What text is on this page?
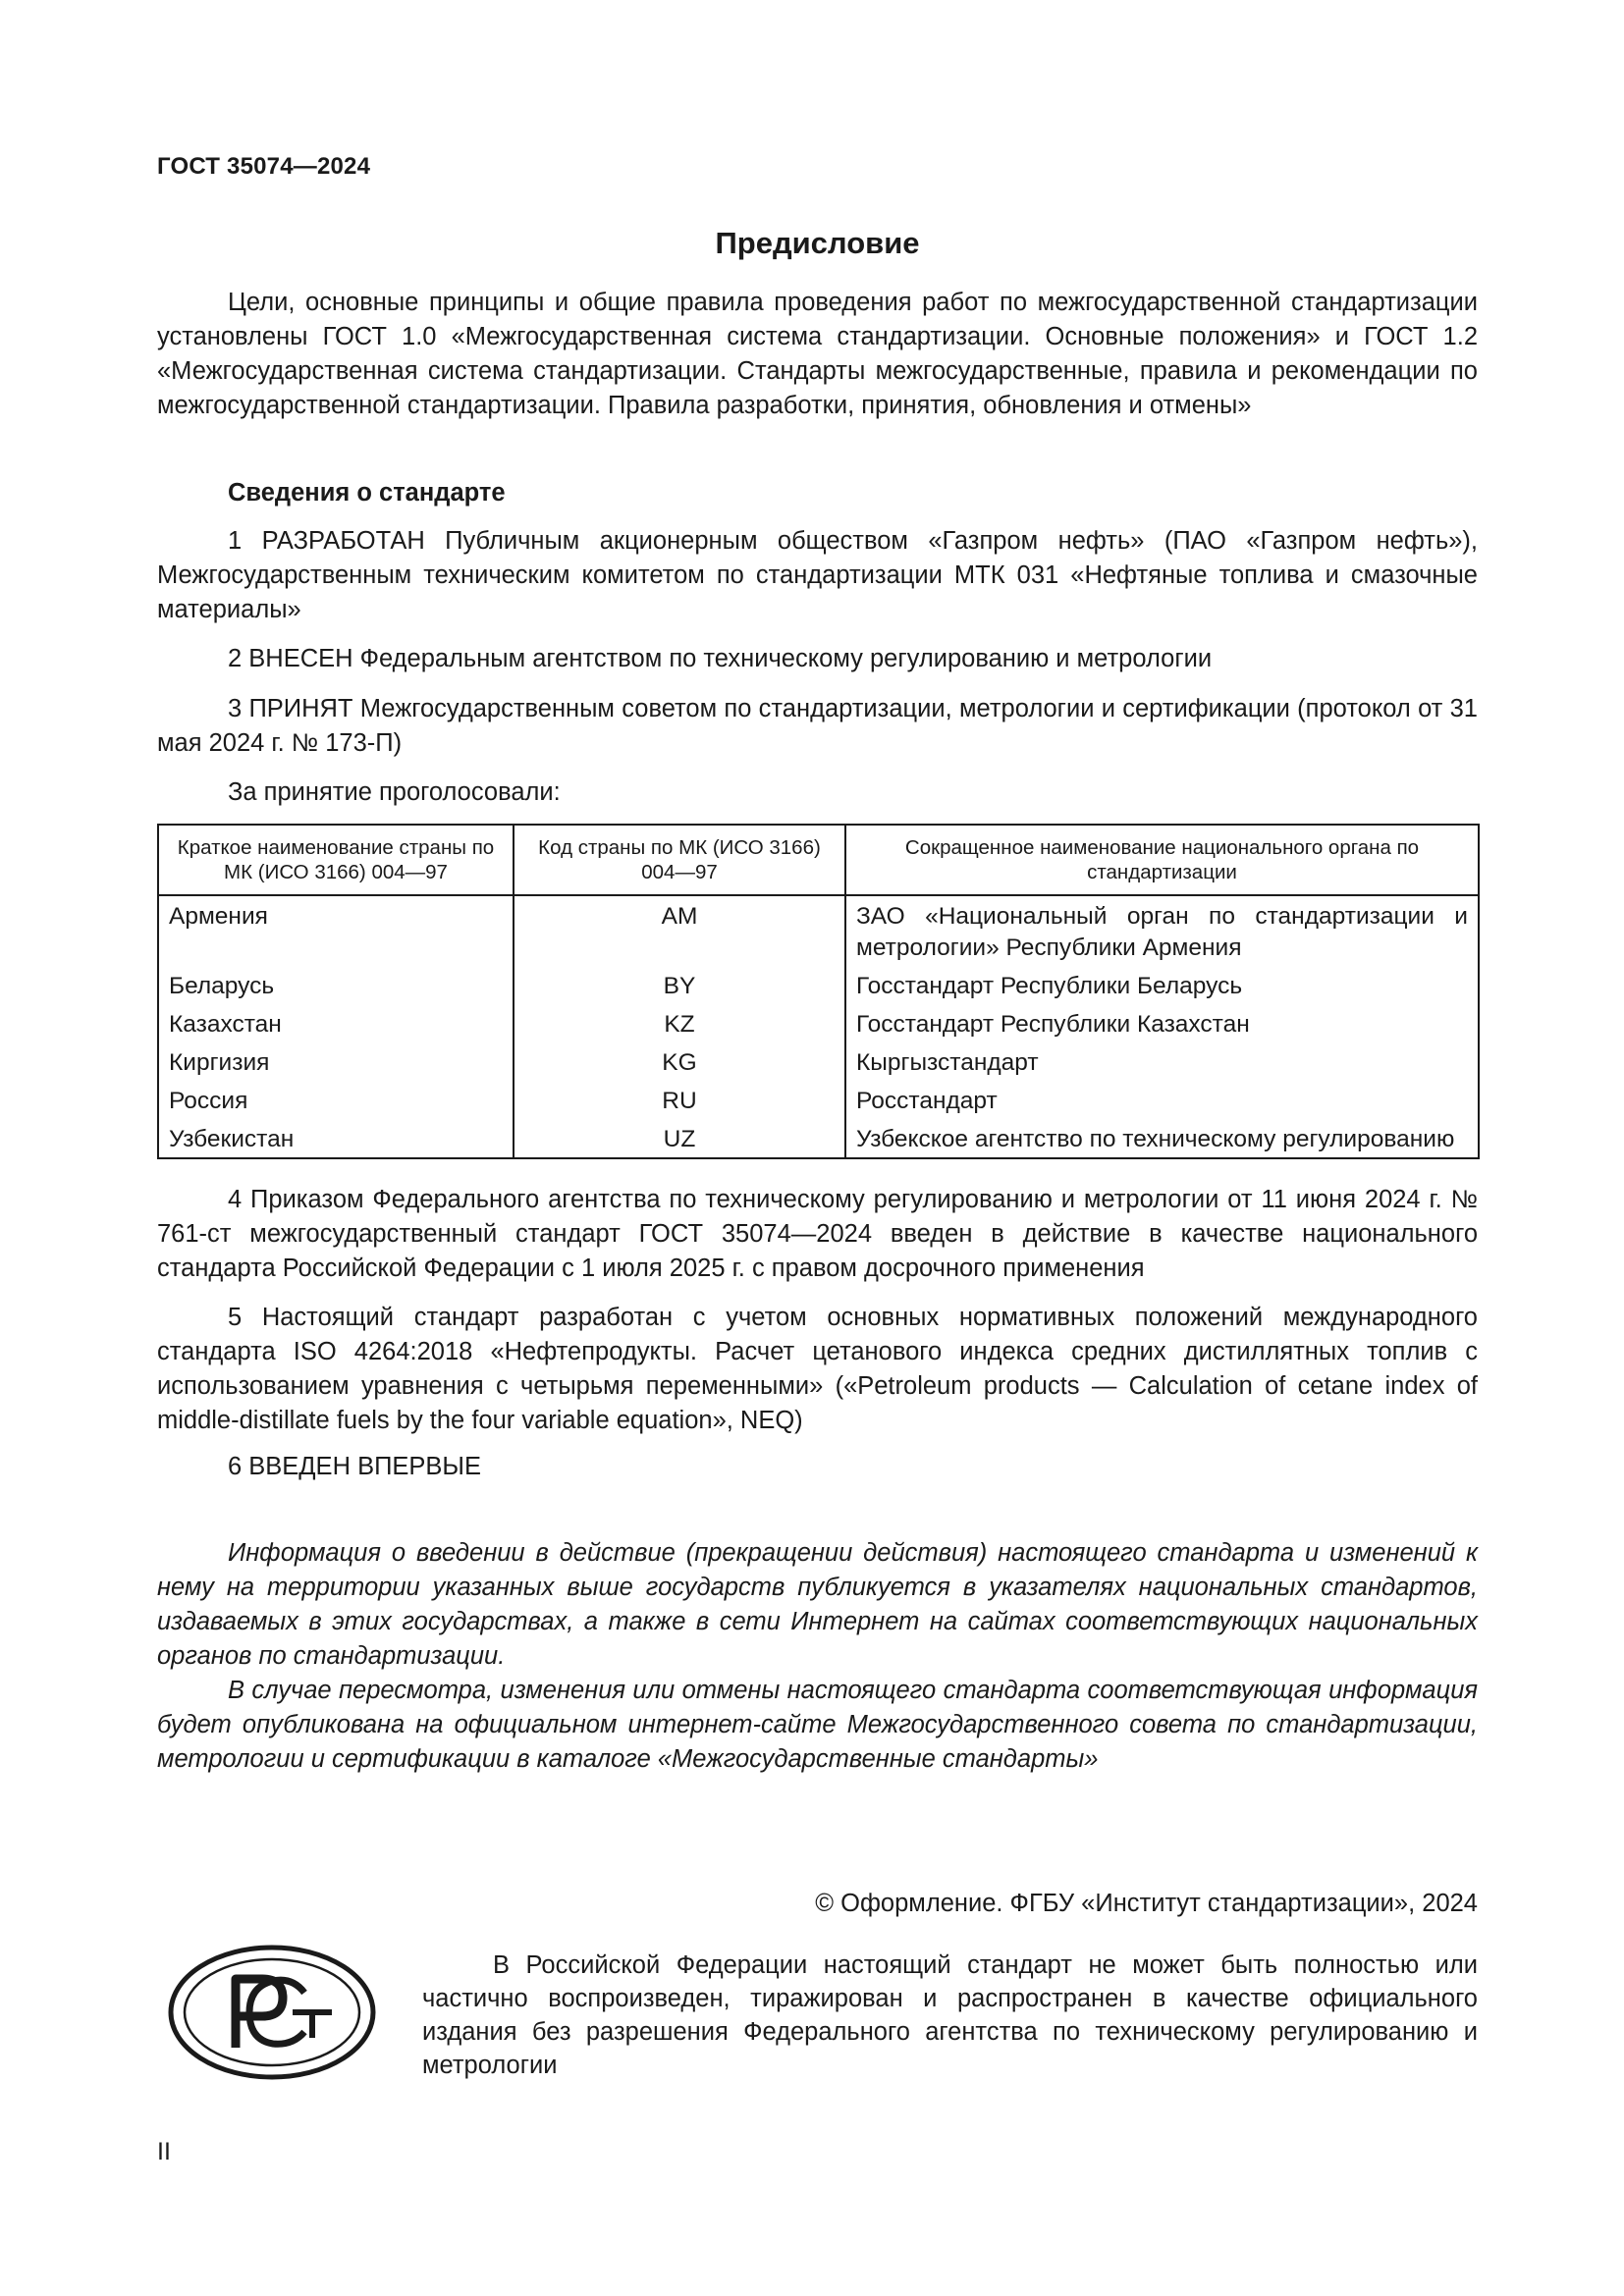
ГОСТ 35074—2024
Предисловие

Цели, основные принципы и общие правила проведения работ по межгосударственной стандартизации установлены ГОСТ 1.0 «Межгосударственная система стандартизации. Основные положения» и ГОСТ 1.2 «Межгосударственная система стандартизации. Стандарты межгосударственные, правила и рекомендации по межгосударственной стандартизации. Правила разработки, принятия, обновления и отмены»

Сведения о стандарте

1 РАЗРАБОТАН Публичным акционерным обществом «Газпром нефть» (ПАО «Газпром нефть»), Межгосударственным техническим комитетом по стандартизации МТК 031 «Нефтяные топлива и смазочные материалы»

2 ВНЕСЕН Федеральным агентством по техническому регулированию и метрологии

3 ПРИНЯТ Межгосударственным советом по стандартизации, метрологии и сертификации (протокол от 31 мая 2024 г. № 173-П)

За принятие проголосовали:
Краткое наименование страны по МК (ИСО 3166) 004—97	Код страны по МК (ИСО 3166) 004—97	Сокращенное наименование национального органа по стандартизации
Армения	AM	ЗАО «Национальный орган по стандартизации и метрологии» Республики Армения
Беларусь	BY	Госстандарт Республики Беларусь
Казахстан	KZ	Госстандарт Республики Казахстан
Киргизия	KG	Кыргызстандарт
Россия	RU	Росстандарт
Узбекистан	UZ	Узбекское агентство по техническому регулированию

4 Приказом Федерального агентства по техническому регулированию и метрологии от 11 июня 2024 г. № 761-ст межгосударственный стандарт ГОСТ 35074—2024 введен в действие в качестве национального стандарта Российской Федерации с 1 июля 2025 г. с правом досрочного применения

5 Настоящий стандарт разработан с учетом основных нормативных положений международного стандарта ISO 4264:2018 «Нефтепродукты. Расчет цетанового индекса средних дистиллятных топлив с использованием уравнения с четырьмя переменными» («Petroleum products — Calculation of cetane index of middle-distillate fuels by the four variable equation», NEQ)

6 ВВЕДЕН ВПЕРВЫЕ

Информация о введении в действие (прекращении действия) настоящего стандарта и изменений к нему на территории указанных выше государств публикуется в указателях национальных стандартов, издаваемых в этих государствах, а также в сети Интернет на сайтах соответствующих национальных органов по стандартизации.

В случае пересмотра, изменения или отмены настоящего стандарта соответствующая информация будет опубликована на официальном интернет-сайте Межгосударственного совета по стандартизации, метрологии и сертификации в каталоге «Межгосударственные стандарты»

© Оформление. ФГБУ «Институт стандартизации», 2024

В Российской Федерации настоящий стандарт не может быть полностью или частично воспроизведен, тиражирован и распространен в качестве официального издания без разрешения Федерального агентства по техническому регулированию и метрологии

II
